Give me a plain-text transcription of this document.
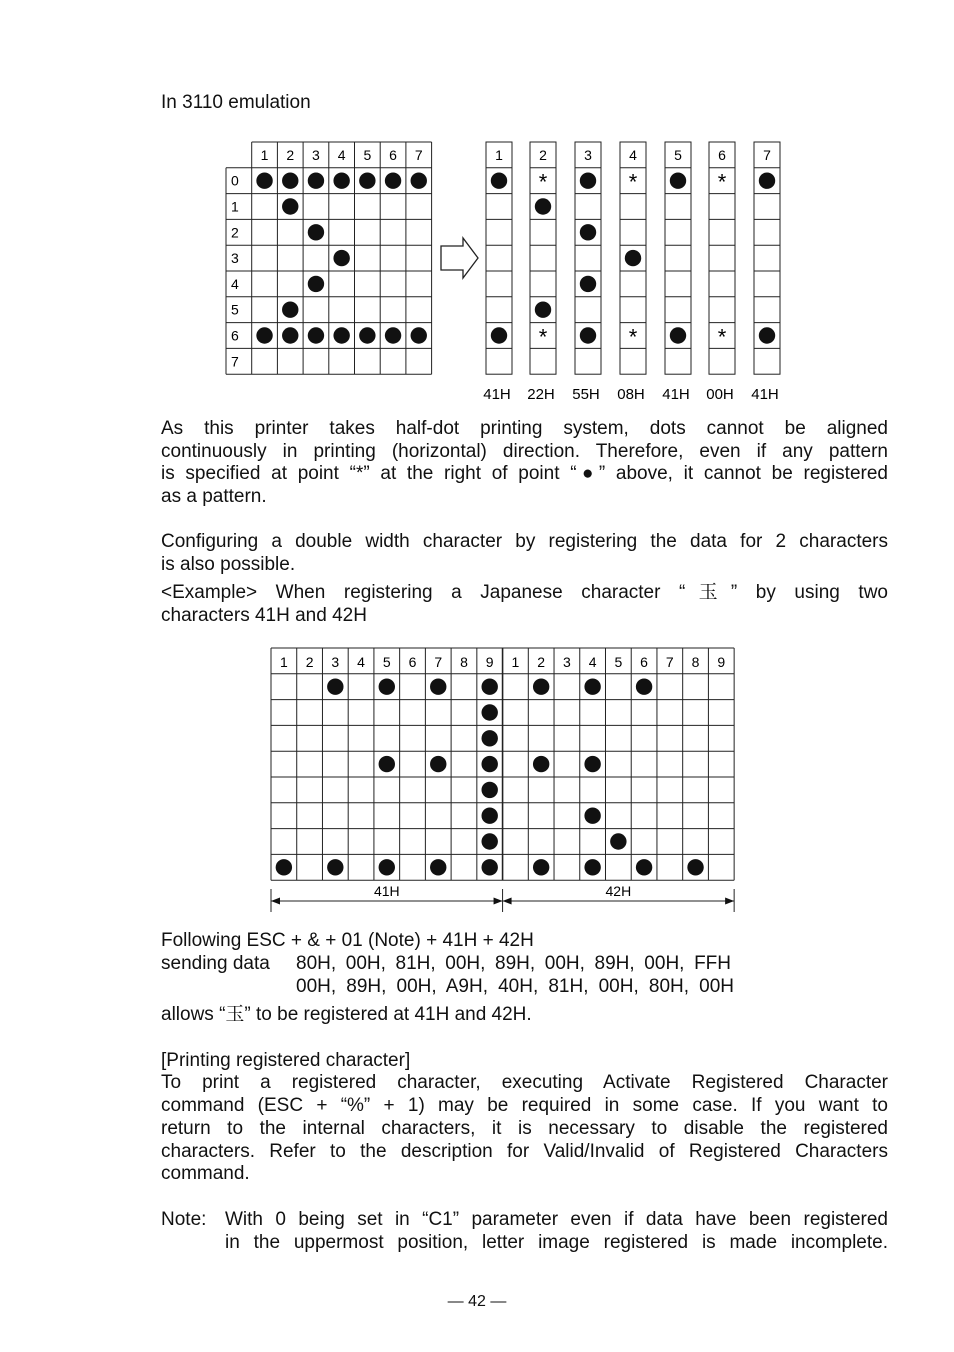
In 3110 emulation
1 2 3 4 5 6 7
0
1
2
3
4
5
6
7
1
41H
2
*
*
22H
3
55H
4
*
*
08H
5
41H
6
*
*
00H
7
41H
As this printer takes half-dot printing system, dots cannot be aligned
continuously in printing (horizontal) direction. Therefore, even if any pattern
is specified at point “*” at the right of point “●” above, it cannot be registered
as a pattern.
Configuring a double width character by registering the data for 2 characters
is also possible.
<Example> When registering a Japanese character “玉” by using two
characters 41H and 42H
1 2 3 4 5 6 7 8 9 1 2 3 4 5 6 7 8 9
41H	42H
Following ESC + & + 01 (Note) + 41H + 42H
sending data 80H, 00H, 81H, 00H, 89H, 00H, 89H, 00H, FFH
00H, 89H, 00H, A9H, 40H, 81H, 00H, 80H, 00H
allows “玉” to be registered at 41H and 42H.
[Printing registered character]
To print a registered character, executing Activate Registered Character
command (ESC + “%” + 1) may be required in some case. If you want to
return to the internal characters, it is necessary to disable the registered
characters. Refer to the description for Valid/Invalid of Registered Characters
command.
Note: With 0 being set in “C1” parameter even if data have been registered
in the uppermost position, letter image registered is made incomplete.
— 42 —
